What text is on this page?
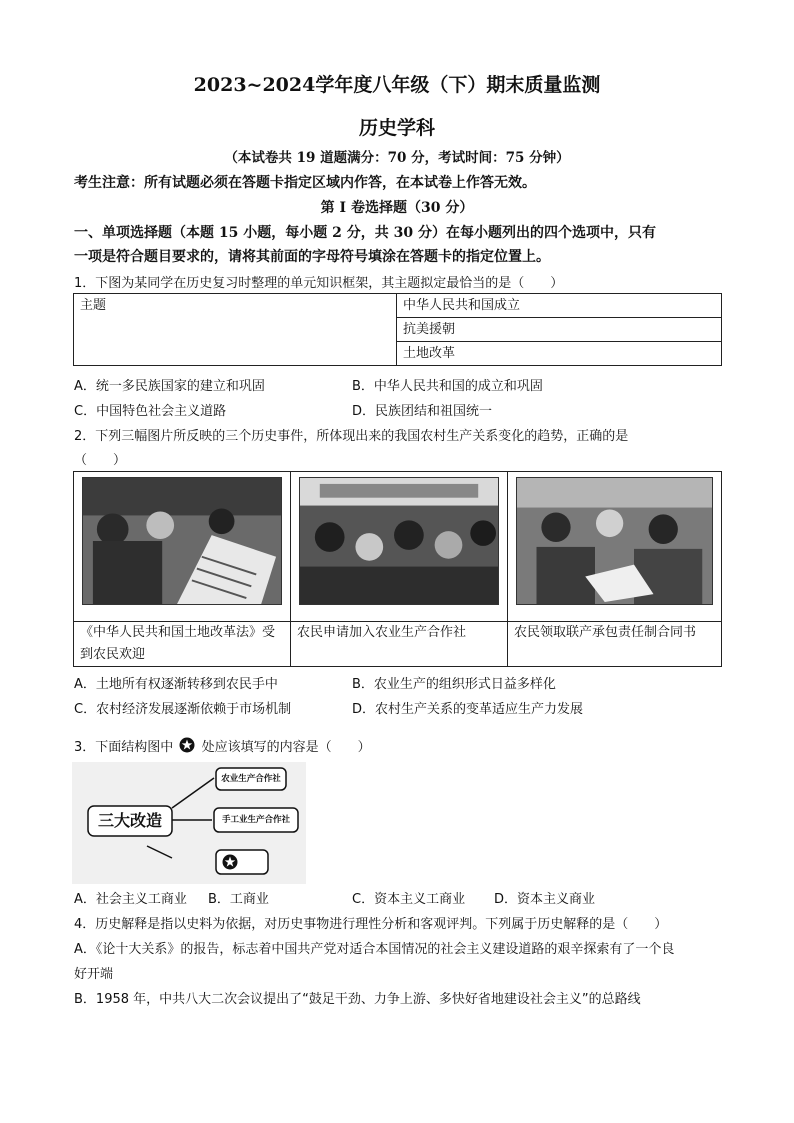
2023~2024学年度八年级（下）期末质量监测
历史学科
（本试卷共 19 道题满分：70 分，考试时间：75 分钟）
考生注意：所有试题必须在答题卡指定区域内作答，在本试卷上作答无效。
第 I 卷选择题（30 分）
一、单项选择题（本题 15 小题，每小题 2 分，共 30 分）在每小题列出的四个选项中，只有
一项是符合题目要求的，请将其前面的字母符号填涂在答题卡的指定位置上。
1．下图为某同学在历史复习时整理的单元知识框架，其主题拟定最恰当的是（　　）
主题	中华人民共和国成立
抗美援朝
土地改革
A．统一多民族国家的建立和巩固	B．中华人民共和国的成立和巩固
C．中国特色社会主义道路	D．民族团结和祖国统一
2．下列三幅图片所反映的三个历史事件，所体现出来的我国农村生产关系变化的趋势，正确的是
（　　）

《中华人民共和国土地改革法》受到农民欢迎	农民申请加入农业生产合作社	农民领取联产承包责任制合同书
A．土地所有权逐渐转移到农民手中	B．农业生产的组织形式日益多样化
C．农村经济发展逐渐依赖于市场机制	D．农村生产关系的变革适应生产力发展
3．下面结构图中 处应该填写的内容是（　　）
三大改造
农业生产合作社
手工业生产合作社
A．社会主义工商业 B．工商业	C．资本主义工商业 D．资本主义商业
4．历史解释是指以史料为依据，对历史事物进行理性分析和客观评判。下列属于历史解释的是（　　）
A．《论十大关系》的报告，标志着中国共产党对适合本国情况的社会主义建设道路的艰辛探索有了一个良
好开端
B．1958 年，中共八大二次会议提出了“鼓足干劲、力争上游、多快好省地建设社会主义”的总路线
